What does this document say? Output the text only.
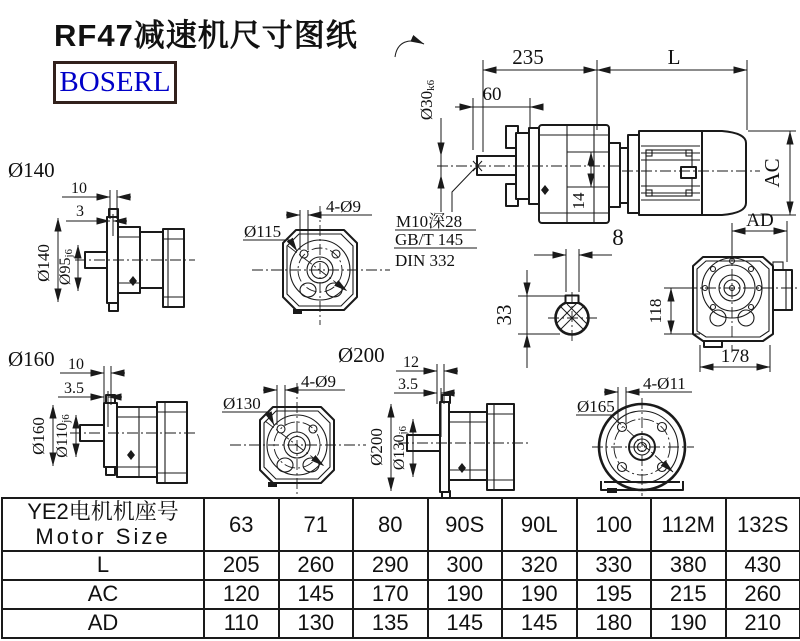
RF47减速机尺寸图纸
BOSERL
235	L
60
Ø30k6
14
AC
AD
M10深28
GB/T 145
DIN 332
8
33	118
178
Ø140
10
3
Ø140 Ø95j6
4-Ø9
Ø115
Ø160 10
3.5
Ø160 Ø110j6
Ø200
4-Ø9
Ø130
12
3.5
Ø200 Ø130j6
4-Ø11
Ø165
YE2电机机座号
Motor Size	63	71	80	90S	90L	100	112M	132S
L	205	260	290	300	320	330	380	430
AC	120	145	170	190	190	195	215	260
AD	110	130	135	145	145	180	190	210
